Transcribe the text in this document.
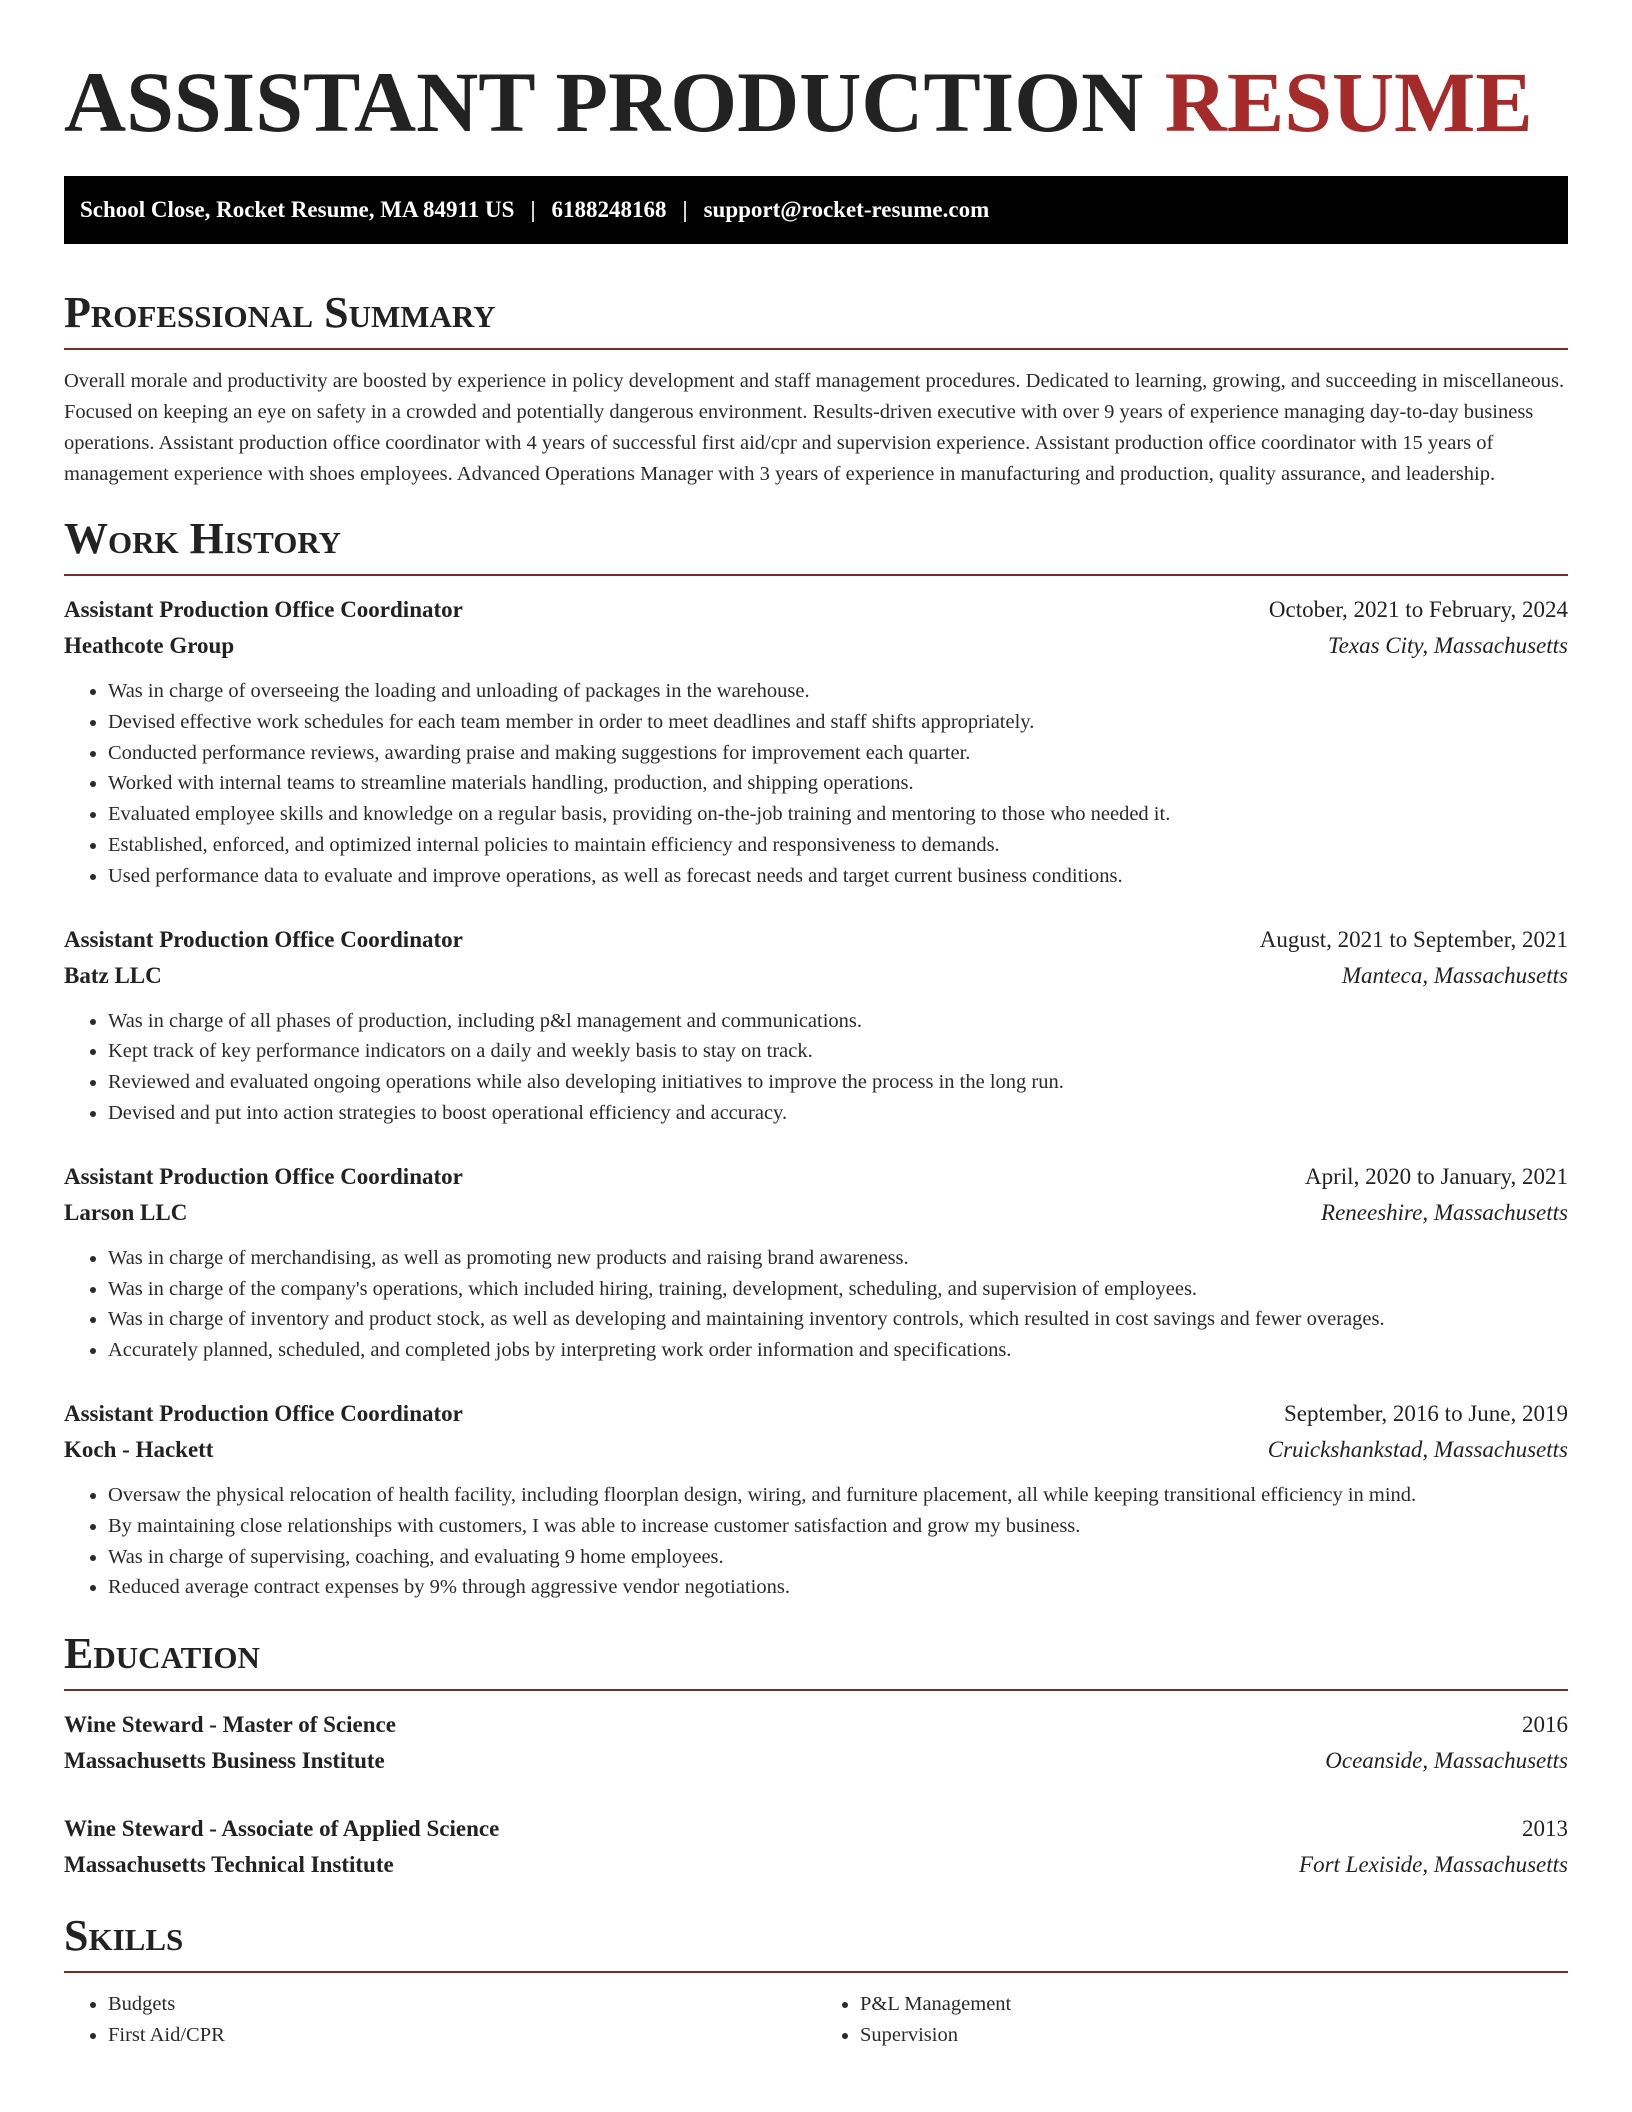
ASSISTANT PRODUCTION RESUME
School Close, Rocket Resume, MA 84911 US | 6188248168 | support@rocket-resume.com
Professional Summary

Overall morale and productivity are boosted by experience in policy development and staff management procedures. Dedicated to learning, growing, and succeeding in miscellaneous. Focused on keeping an eye on safety in a crowded and potentially dangerous environment. Results-driven executive with over 9 years of experience managing day-to-day business operations. Assistant production office coordinator with 4 years of successful first aid/cpr and supervision experience. Assistant production office coordinator with 15 years of management experience with shoes employees. Advanced Operations Manager with 3 years of experience in manufacturing and production, quality assurance, and leadership.

Work History
Assistant Production Office Coordinator	October, 2021 to February, 2024
Heathcote Group	Texas City, Massachusetts
• Was in charge of overseeing the loading and unloading of packages in the warehouse.
• Devised effective work schedules for each team member in order to meet deadlines and staff shifts appropriately.
• Conducted performance reviews, awarding praise and making suggestions for improvement each quarter.
• Worked with internal teams to streamline materials handling, production, and shipping operations.
• Evaluated employee skills and knowledge on a regular basis, providing on-the-job training and mentoring to those who needed it.
• Established, enforced, and optimized internal policies to maintain efficiency and responsiveness to demands.
• Used performance data to evaluate and improve operations, as well as forecast needs and target current business conditions.
Assistant Production Office Coordinator	August, 2021 to September, 2021
Batz LLC	Manteca, Massachusetts
• Was in charge of all phases of production, including p&l management and communications.
• Kept track of key performance indicators on a daily and weekly basis to stay on track.
• Reviewed and evaluated ongoing operations while also developing initiatives to improve the process in the long run.
• Devised and put into action strategies to boost operational efficiency and accuracy.
Assistant Production Office Coordinator	April, 2020 to January, 2021
Larson LLC	Reneeshire, Massachusetts
• Was in charge of merchandising, as well as promoting new products and raising brand awareness.
• Was in charge of the company's operations, which included hiring, training, development, scheduling, and supervision of employees.
• Was in charge of inventory and product stock, as well as developing and maintaining inventory controls, which resulted in cost savings and fewer overages.
• Accurately planned, scheduled, and completed jobs by interpreting work order information and specifications.
Assistant Production Office Coordinator	September, 2016 to June, 2019
Koch - Hackett	Cruickshankstad, Massachusetts
• Oversaw the physical relocation of health facility, including floorplan design, wiring, and furniture placement, all while keeping transitional efficiency in mind.
• By maintaining close relationships with customers, I was able to increase customer satisfaction and grow my business.
• Was in charge of supervising, coaching, and evaluating 9 home employees.
• Reduced average contract expenses by 9% through aggressive vendor negotiations.
Education
Wine Steward - Master of Science	2016
Massachusetts Business Institute	Oceanside, Massachusetts
Wine Steward - Associate of Applied Science	2013
Massachusetts Technical Institute	Fort Lexiside, Massachusetts
Skills
• Budgets
• First Aid/CPR
• P&L Management
• Supervision
